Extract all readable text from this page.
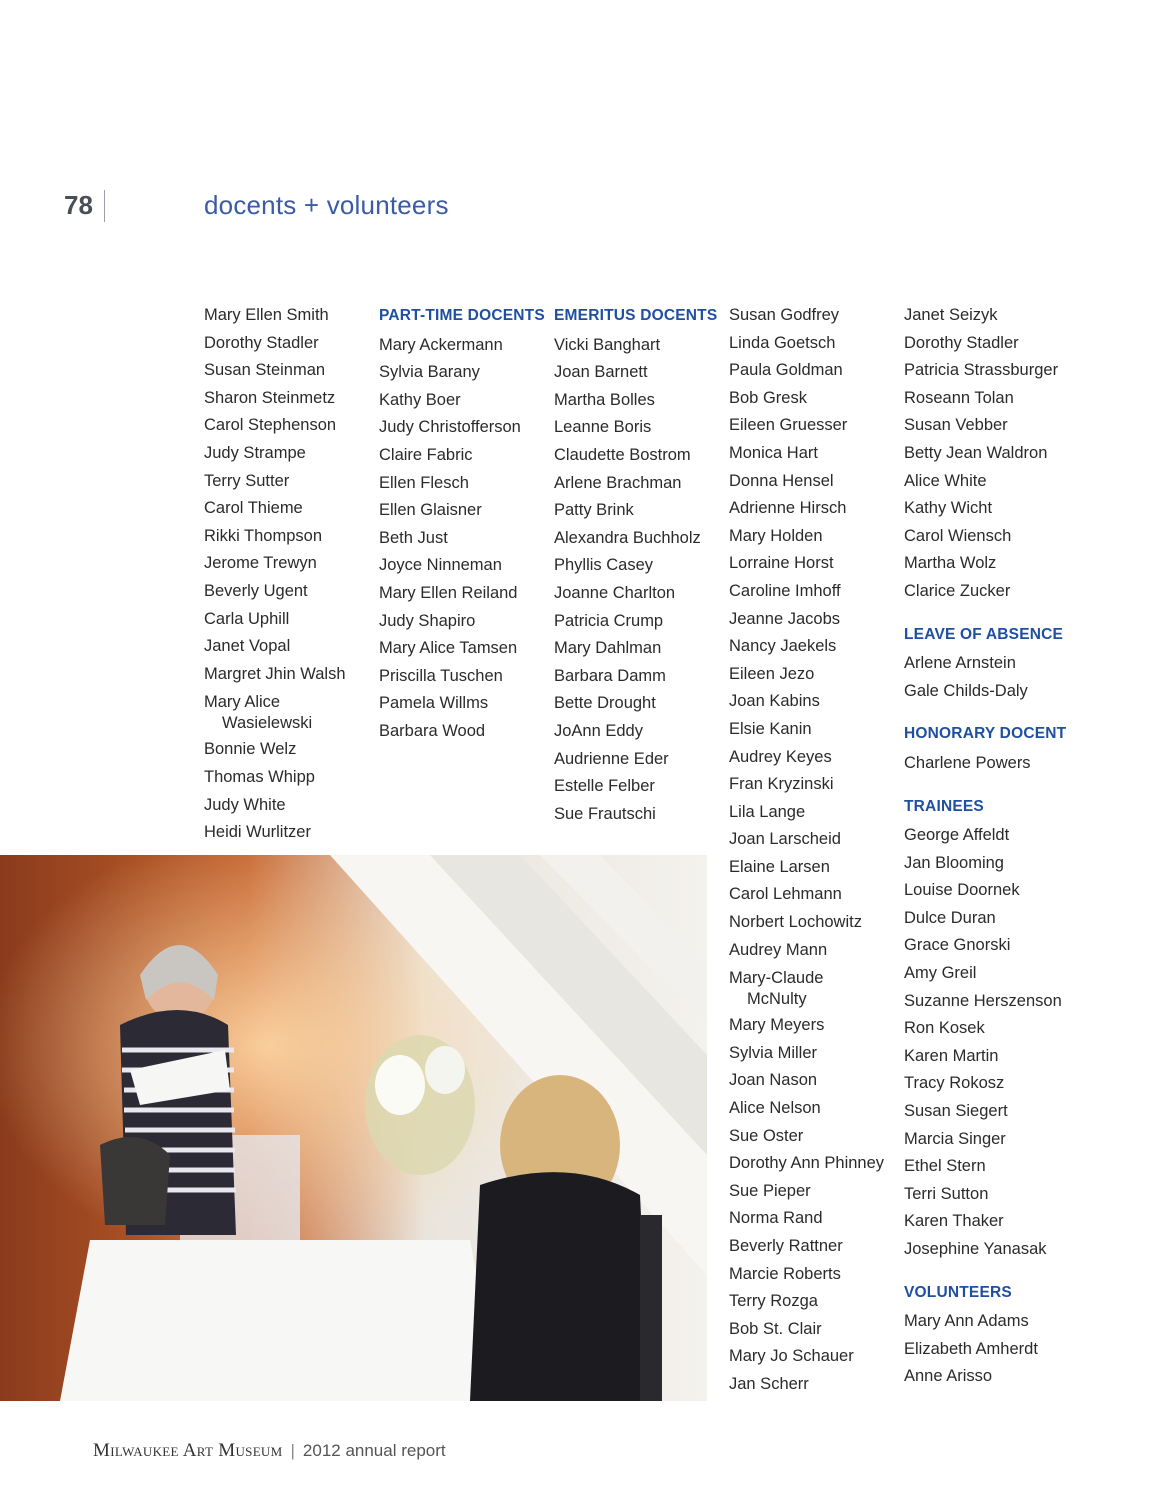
78	docents + volunteers
Mary Ellen Smith
Dorothy Stadler
Susan Steinman
Sharon Steinmetz
Carol Stephenson
Judy Strampe
Terry Sutter
Carol Thieme
Rikki Thompson
Jerome Trewyn
Beverly Ugent
Carla Uphill
Janet Vopal
Margret Jhin Walsh
Mary Alice
Wasielewski
Bonnie Welz
Thomas Whipp
Judy White
Heidi Wurlitzer
PART-TIME DOCENTS
Mary Ackermann
Sylvia Barany
Kathy Boer
Judy Christofferson
Claire Fabric
Ellen Flesch
Ellen Glaisner
Beth Just
Joyce Ninneman
Mary Ellen Reiland
Judy Shapiro
Mary Alice Tamsen
Priscilla Tuschen
Pamela Willms
Barbara Wood
EMERITUS DOCENTS
Vicki Banghart
Joan Barnett
Martha Bolles
Leanne Boris
Claudette Bostrom
Arlene Brachman
Patty Brink
Alexandra Buchholz
Phyllis Casey
Joanne Charlton
Patricia Crump
Mary Dahlman
Barbara Damm
Bette Drought
JoAnn Eddy
Audrienne Eder
Estelle Felber
Sue Frautschi
Susan Godfrey
Linda Goetsch
Paula Goldman
Bob Gresk
Eileen Gruesser
Monica Hart
Donna Hensel
Adrienne Hirsch
Mary Holden
Lorraine Horst
Caroline Imhoff
Jeanne Jacobs
Nancy Jaekels
Eileen Jezo
Joan Kabins
Elsie Kanin
Audrey Keyes
Fran Kryzinski
Lila Lange
Joan Larscheid
Elaine Larsen
Carol Lehmann
Norbert Lochowitz
Audrey Mann
Mary-Claude
McNulty
Mary Meyers
Sylvia Miller
Joan Nason
Alice Nelson
Sue Oster
Dorothy Ann Phinney
Sue Pieper
Norma Rand
Beverly Rattner
Marcie Roberts
Terry Rozga
Bob St. Clair
Mary Jo Schauer
Jan Scherr
Janet Seizyk
Dorothy Stadler
Patricia Strassburger
Roseann Tolan
Susan Vebber
Betty Jean Waldron
Alice White
Kathy Wicht
Carol Wiensch
Martha Wolz
Clarice Zucker
LEAVE OF ABSENCE
Arlene Arnstein
Gale Childs-Daly
HONORARY DOCENT
Charlene Powers
TRAINEES
George Affeldt
Jan Blooming
Louise Doornek
Dulce Duran
Grace Gnorski
Amy Greil
Suzanne Herszenson
Ron Kosek
Karen Martin
Tracy Rokosz
Susan Siegert
Marcia Singer
Ethel Stern
Terri Sutton
Karen Thaker
Josephine Yanasak
VOLUNTEERS
Mary Ann Adams
Elizabeth Amherdt
Anne Arisso
Milwaukee Art Museum | 2012 annual report
